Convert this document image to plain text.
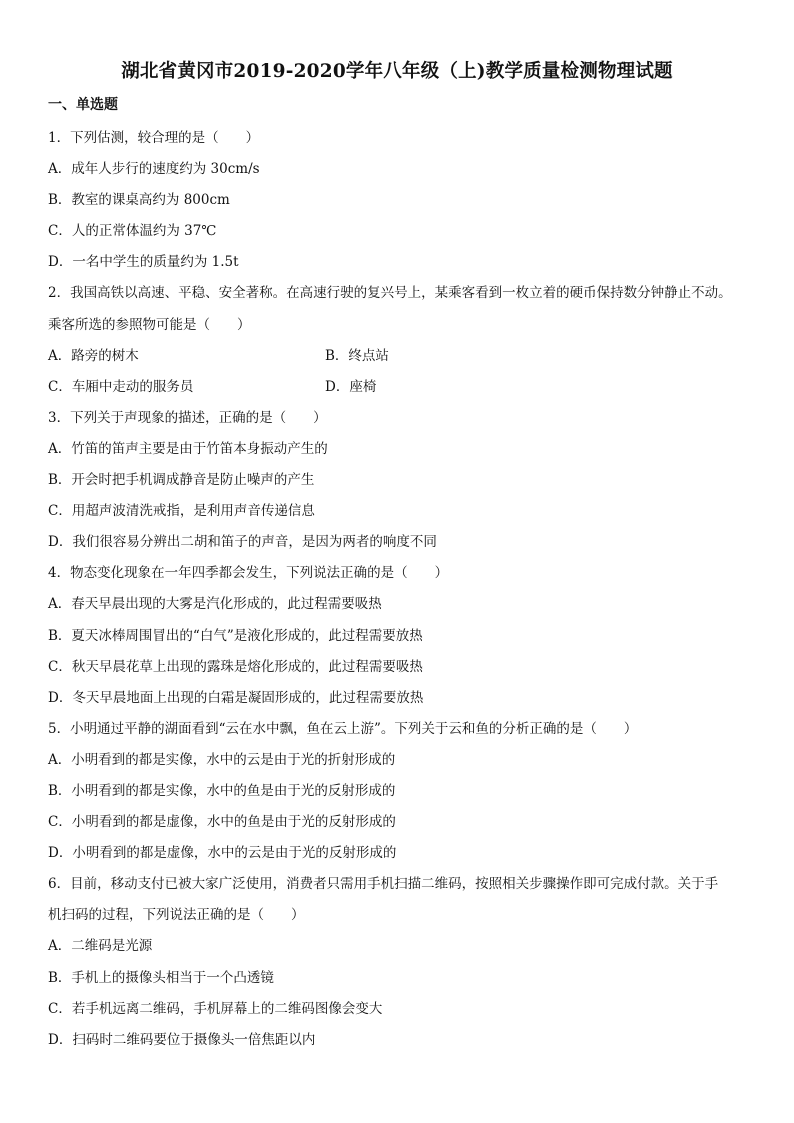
湖北省黄冈市2019-2020学年八年级（上)教学质量检测物理试题
一、单选题
1．下列估测，较合理的是（　　）
A．成年人步行的速度约为 30cm/s
B．教室的课桌高约为 800cm
C．人的正常体温约为 37℃
D．一名中学生的质量约为 1.5t
2．我国高铁以高速、平稳、安全著称。在高速行驶的复兴号上，某乘客看到一枚立着的硬币保持数分钟静止不动。
乘客所选的参照物可能是（　　）
A．路旁的树木	B．终点站
C．车厢中走动的服务员	D．座椅
3．下列关于声现象的描述，正确的是（　　）
A．竹笛的笛声主要是由于竹笛本身振动产生的
B．开会时把手机调成静音是防止噪声的产生
C．用超声波清洗戒指，是利用声音传递信息
D．我们很容易分辨出二胡和笛子的声音，是因为两者的响度不同
4．物态变化现象在一年四季都会发生，下列说法正确的是（　　）
A．春天早晨出现的大雾是汽化形成的，此过程需要吸热
B．夏天冰棒周围冒出的“白气”是液化形成的，此过程需要放热
C．秋天早晨花草上出现的露珠是熔化形成的，此过程需要吸热
D．冬天早晨地面上出现的白霜是凝固形成的，此过程需要放热
5．小明通过平静的湖面看到“云在水中飘，鱼在云上游”。下列关于云和鱼的分析正确的是（　　）
A．小明看到的都是实像，水中的云是由于光的折射形成的
B．小明看到的都是实像，水中的鱼是由于光的反射形成的
C．小明看到的都是虚像，水中的鱼是由于光的反射形成的
D．小明看到的都是虚像，水中的云是由于光的反射形成的
6．目前，移动支付已被大家广泛使用，消费者只需用手机扫描二维码，按照相关步骤操作即可完成付款。关于手
机扫码的过程，下列说法正确的是（　　）
A．二维码是光源
B．手机上的摄像头相当于一个凸透镜
C．若手机远离二维码，手机屏幕上的二维码图像会变大
D．扫码时二维码要位于摄像头一倍焦距以内
